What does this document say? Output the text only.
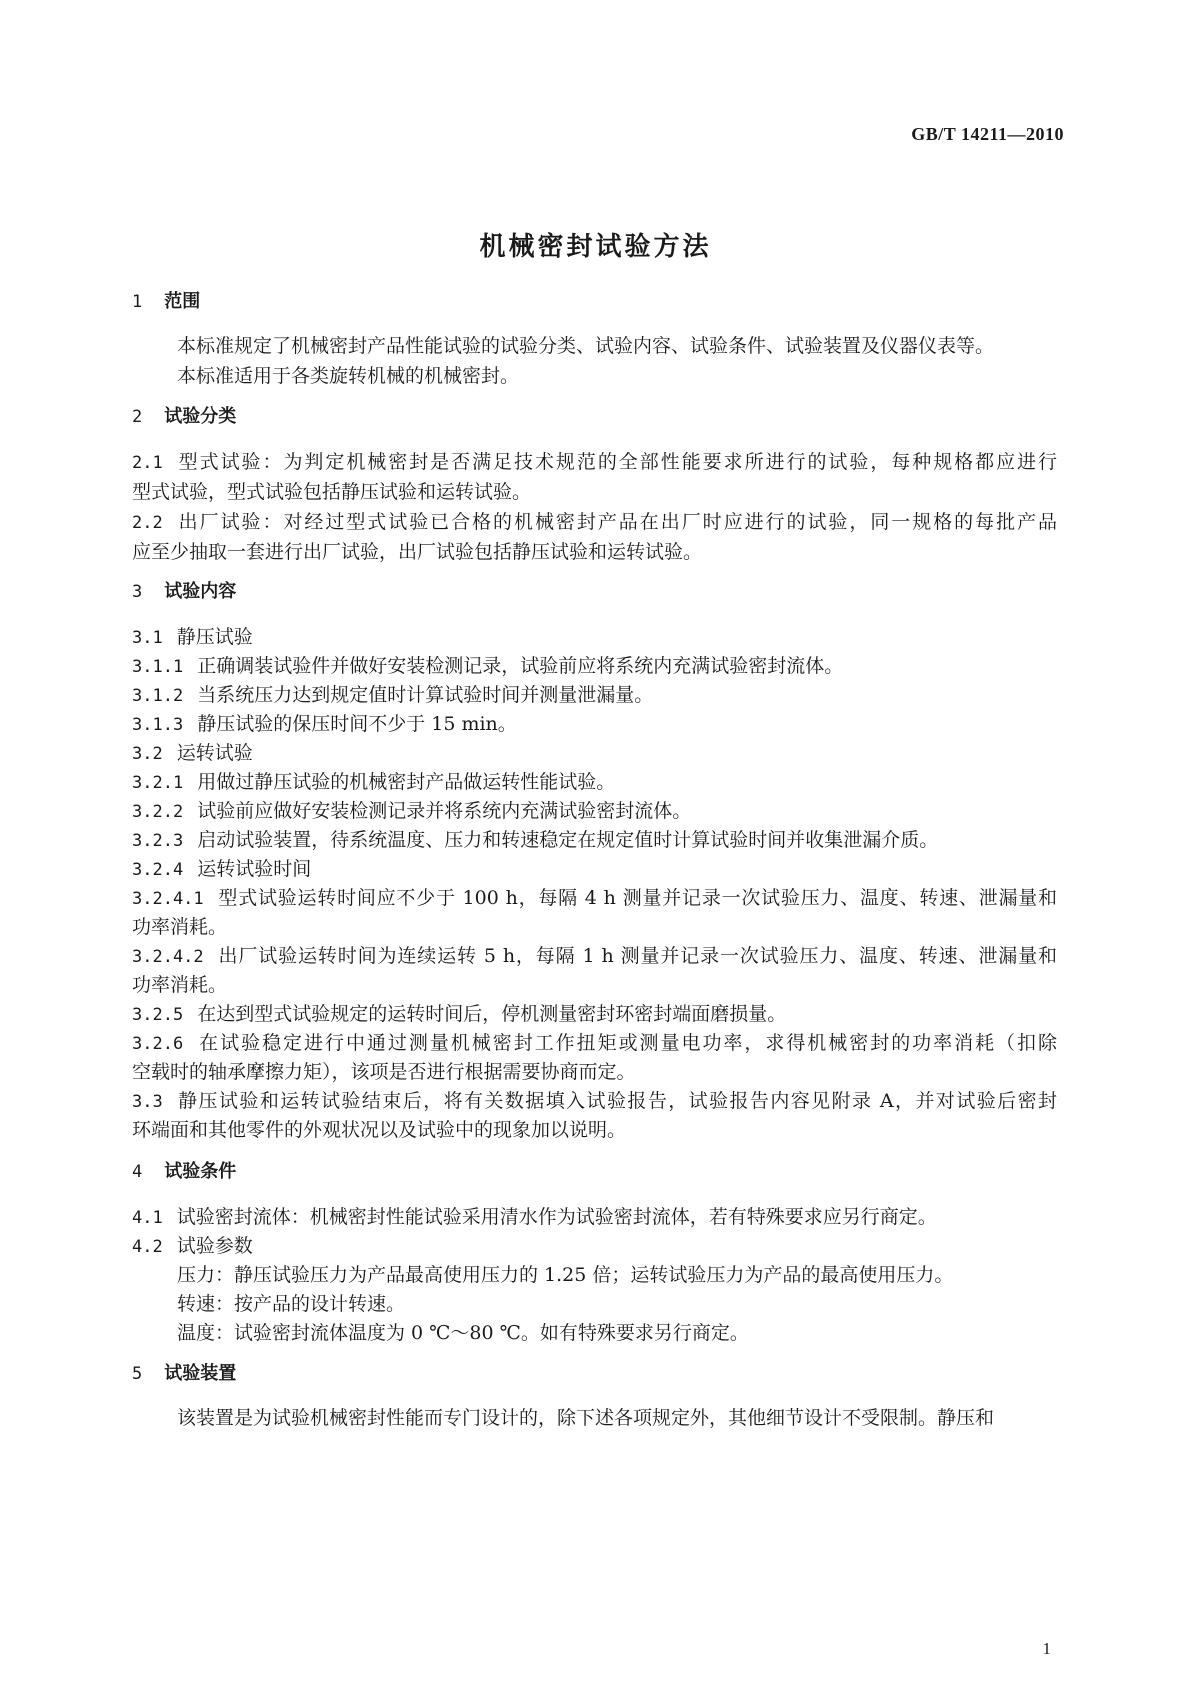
GB/T 14211—2010
机械密封试验方法
1 范围
本标准规定了机械密封产品性能试验的试验分类、试验内容、试验条件、试验装置及仪器仪表等。
本标准适用于各类旋转机械的机械密封。
2 试验分类
2.1 型式试验：为判定机械密封是否满足技术规范的全部性能要求所进行的试验，每种规格都应进行
型式试验，型式试验包括静压试验和运转试验。
2.2 出厂试验：对经过型式试验已合格的机械密封产品在出厂时应进行的试验，同一规格的每批产品
应至少抽取一套进行出厂试验，出厂试验包括静压试验和运转试验。
3 试验内容
3.1 静压试验
3.1.1 正确调装试验件并做好安装检测记录，试验前应将系统内充满试验密封流体。
3.1.2 当系统压力达到规定值时计算试验时间并测量泄漏量。
3.1.3 静压试验的保压时间不少于 15 min。
3.2 运转试验
3.2.1 用做过静压试验的机械密封产品做运转性能试验。
3.2.2 试验前应做好安装检测记录并将系统内充满试验密封流体。
3.2.3 启动试验装置，待系统温度、压力和转速稳定在规定值时计算试验时间并收集泄漏介质。
3.2.4 运转试验时间
3.2.4.1 型式试验运转时间应不少于 100 h，每隔 4 h 测量并记录一次试验压力、温度、转速、泄漏量和
功率消耗。
3.2.4.2 出厂试验运转时间为连续运转 5 h，每隔 1 h 测量并记录一次试验压力、温度、转速、泄漏量和
功率消耗。
3.2.5 在达到型式试验规定的运转时间后，停机测量密封环密封端面磨损量。
3.2.6 在试验稳定进行中通过测量机械密封工作扭矩或测量电功率，求得机械密封的功率消耗（扣除
空载时的轴承摩擦力矩），该项是否进行根据需要协商而定。
3.3 静压试验和运转试验结束后，将有关数据填入试验报告，试验报告内容见附录 A，并对试验后密封
环端面和其他零件的外观状况以及试验中的现象加以说明。
4 试验条件
4.1 试验密封流体：机械密封性能试验采用清水作为试验密封流体，若有特殊要求应另行商定。
4.2 试验参数
压力：静压试验压力为产品最高使用压力的 1.25 倍；运转试验压力为产品的最高使用压力。
转速：按产品的设计转速。
温度：试验密封流体温度为 0 ℃～80 ℃。如有特殊要求另行商定。
5 试验装置
该装置是为试验机械密封性能而专门设计的，除下述各项规定外，其他细节设计不受限制。静压和
1
